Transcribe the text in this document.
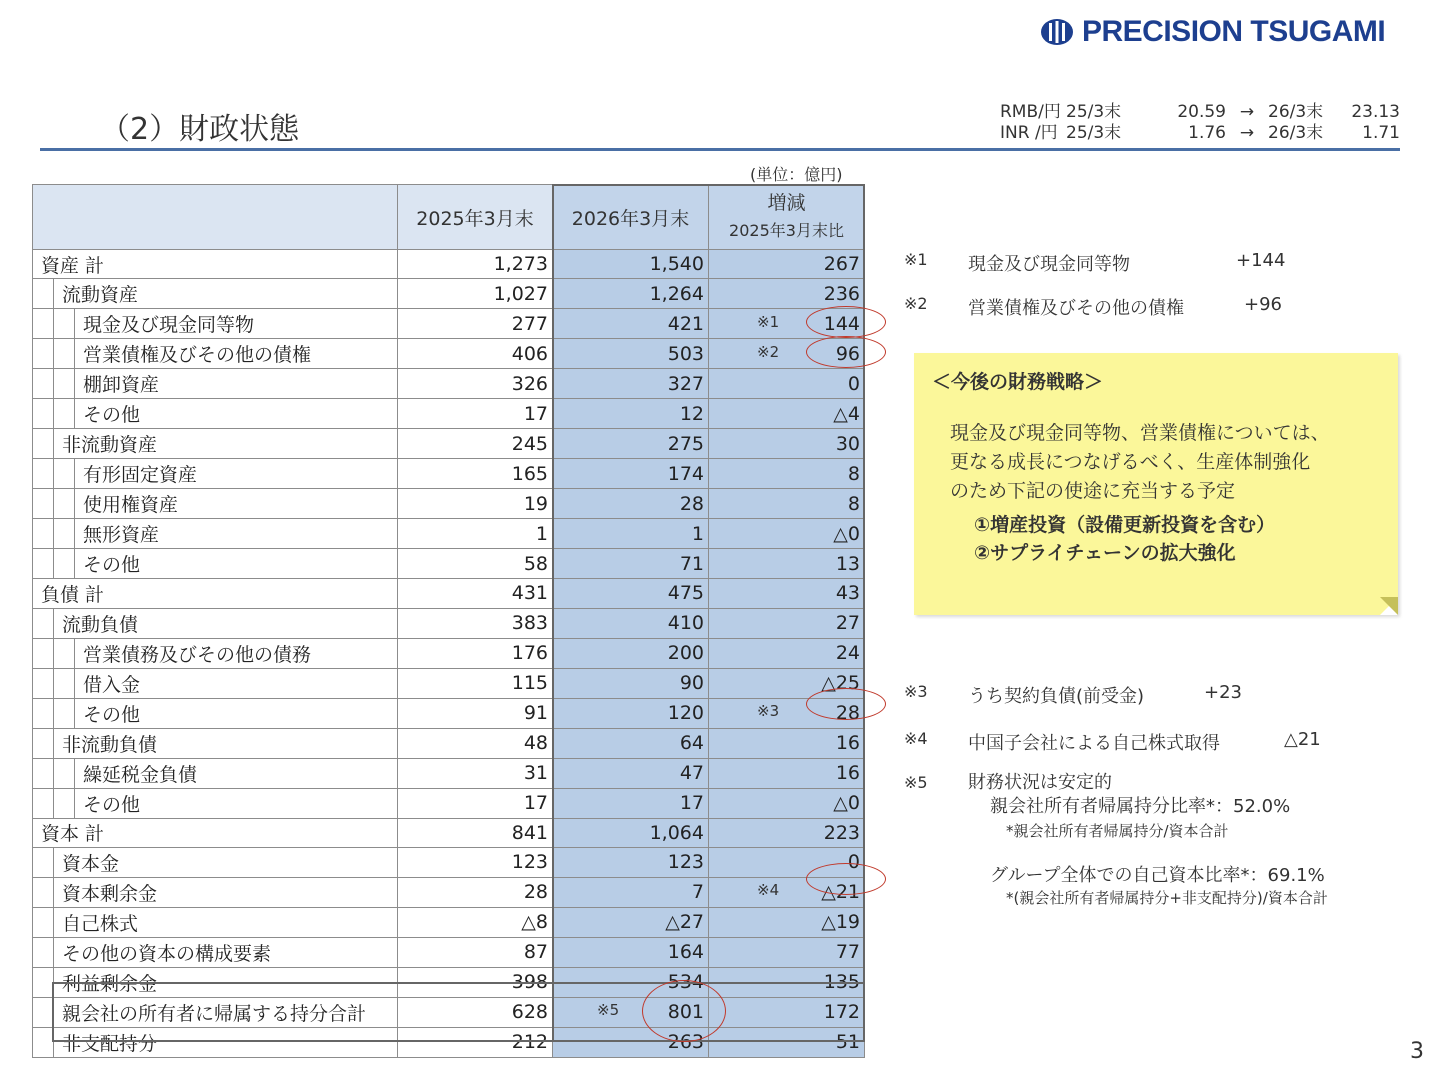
PRECISION TSUGAMI
（2）財政状態	RMB/円 25/3末	20.59 → 26/3末	23.13
INR /円 25/3末	1.76 → 26/3末	1.71
(単位：億円)
	2025年3月末	2026年3月末	増減
2025年3月末比

資産 計	1,273	1,540	267

流動資産	1,027	1,264	236

現金及び現金同等物	277	421	※1 144

営業債権及びその他の債権	406	503	※2 96

棚卸資産	326	327	0

その他	17	12	△4

非流動資産	245	275	30

有形固定資産	165	174	8

使用権資産	19	28	8

無形資産	1	1	△0

その他	58	71	13
負債 計	431	475	43

流動負債	383	410	27

営業債務及びその他の債務	176	200	24

借入金	115	90	△25

その他	91	120	※3 28

非流動負債	48	64	16

繰延税金負債	31	47	16

その他	17	17	△0
資本 計	841	1,064	223

資本金	123	123	0

資本剰余金	28	7	※4 △21

自己株式	△8	△27	△19

その他の資本の構成要素	87	164	77

利益剰余金	398	534	135

親会社の所有者に帰属する持分合計	628	※5 801	172

非支配持分	212	263	51
※1	現金及び現金同等物	+144
※2	営業債権及びその他の債権	+96
＜今後の財務戦略＞
現金及び現金同等物、営業債権については、
更なる成長につなげるべく、生産体制強化
のため下記の使途に充当する予定
①増産投資（設備更新投資を含む）
②サプライチェーンの拡大強化
※3	うち契約負債(前受金)	+23
※4	中国子会社による自己株式取得	△21
※5 財務状況は安定的
親会社所有者帰属持分比率*：52.0%
*親会社所有者帰属持分/資本合計
グループ全体での自己資本比率*：69.1%
*(親会社所有者帰属持分+非支配持分)/資本合計
3
